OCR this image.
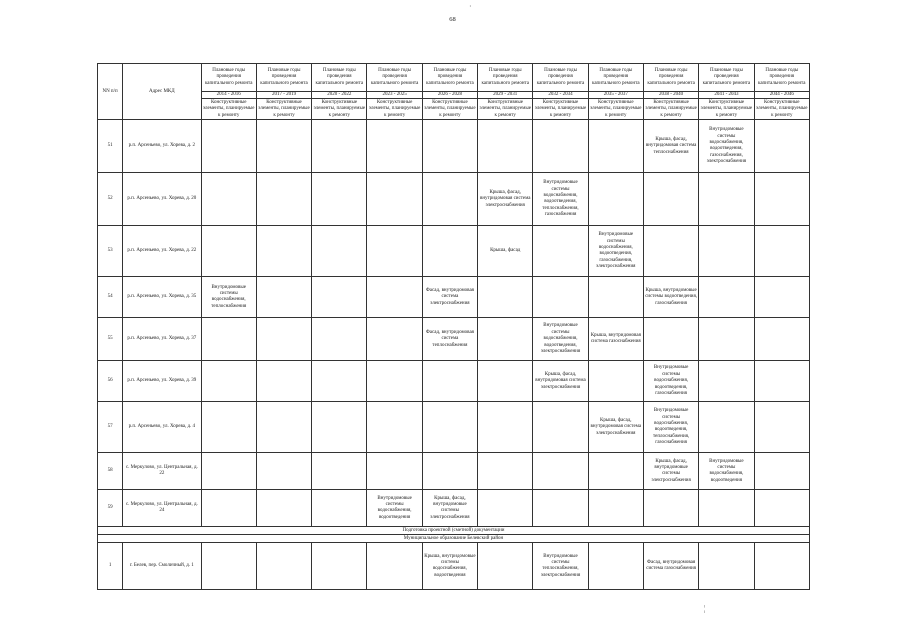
68
NN п/п	Адрес МКД	Плановые годы проведения капитального ремонта	Плановые годы проведения капитального ремонта	Плановые годы проведения капитального ремонта	Плановые годы проведения капитального ремонта	Плановые годы проведения капитального ремонта	Плановые годы проведения капитального ремонта	Плановые годы проведения капитального ремонта	Плановые годы проведения капитального ремонта	Плановые годы проведения капитального ремонта	Плановые годы проведения капитального ремонта	Плановые годы проведения капитального ремонта
		2014 - 2016	2017 - 2019	2020 - 2022	2023 - 2025	2026 - 2028	2029 - 2031	2032 - 2034	2035 - 2037	2038 - 2040	2041 - 2043	2044 - 2046
		Конструктивные элементы, планируемые к ремонту	Конструктивные элементы, планируемые к ремонту	Конструктивные элементы, планируемые к ремонту	Конструктивные элементы, планируемые к ремонту	Конструктивные элементы, планируемые к ремонту	Конструктивные элементы, планируемые к ремонту	Конструктивные элементы, планируемые к ремонту	Конструктивные элементы, планируемые к ремонту	Конструктивные элементы, планируемые к ремонту	Конструктивные элементы, планируемые к ремонту	Конструктивные элементы, планируемые к ремонту
51	р.п. Арсеньево, ул. Хорева, д. 2									Крыша, фасад, внутридомовая система теплоснабжения	Внутридомовые системы водоснабжения, водоотведения, газоснабжения, электроснабжения	
52	р.п. Арсеньево, ул. Хорева, д. 20						Крыша, фасад, внутридомовая система электроснабжения	Внутридомовые системы водоснабжения, водоотведения, теплоснабжения, газоснабжения				
53	р.п. Арсеньево, ул. Хорева, д. 22						Крыша, фасад		Внутридомовые системы водоснабжения, водоотведения, газоснабжения, электроснабжения			
54	р.п. Арсеньево, ул. Хорева, д. 35	Внутридомовые системы водоснабжения, теплоснабжения				Фасад, внутридомовая система электроснабжения				Крыша, внутридомовые системы водоотведения, газоснабжения		
55	р.п. Арсеньево, ул. Хорева, д. 37					Фасад, внутридомовая система теплоснабжения		Внутридомовые системы водоснабжения, водоотведения, электроснабжения	Крыша, внутридомовая система газоснабжения			
56	р.п. Арсеньево, ул. Хорева, д. 39							Крыша, фасад, внутридомовая система электроснабжения		Внутридомовые системы водоснабжения, водоотведения, газоснабжения		
57	р.п. Арсеньево, ул. Хорева, д. 4								Крыша, фасад, внутридомовая система электроснабжения	Внутридомовые системы водоснабжения, водоотведения, теплоснабжения, газоснабжения		
58	с. Меркулово, ул. Центральная, д. 22									Крыша, фасад, внутридомовые системы электроснабжения	Внутридомовые системы водоснабжения, водоотведения	
59	с. Меркулово, ул. Центральная, д. 24				Внутридомовые системы водоснабжения, водоотведения	Крыша, фасад, внутридомовые системы электроснабжения						
Подготовка проектной (сметной) документации												
Муниципальное образование Белевский район												
1	г. Белев, пер. Смоличный, д. 1					Крыша, внутридомовые системы водоснабжения, водоотведения		Внутридомовые системы теплоснабжения, электроснабжения		Фасад, внутридомовая система газоснабжения		
·
¦
